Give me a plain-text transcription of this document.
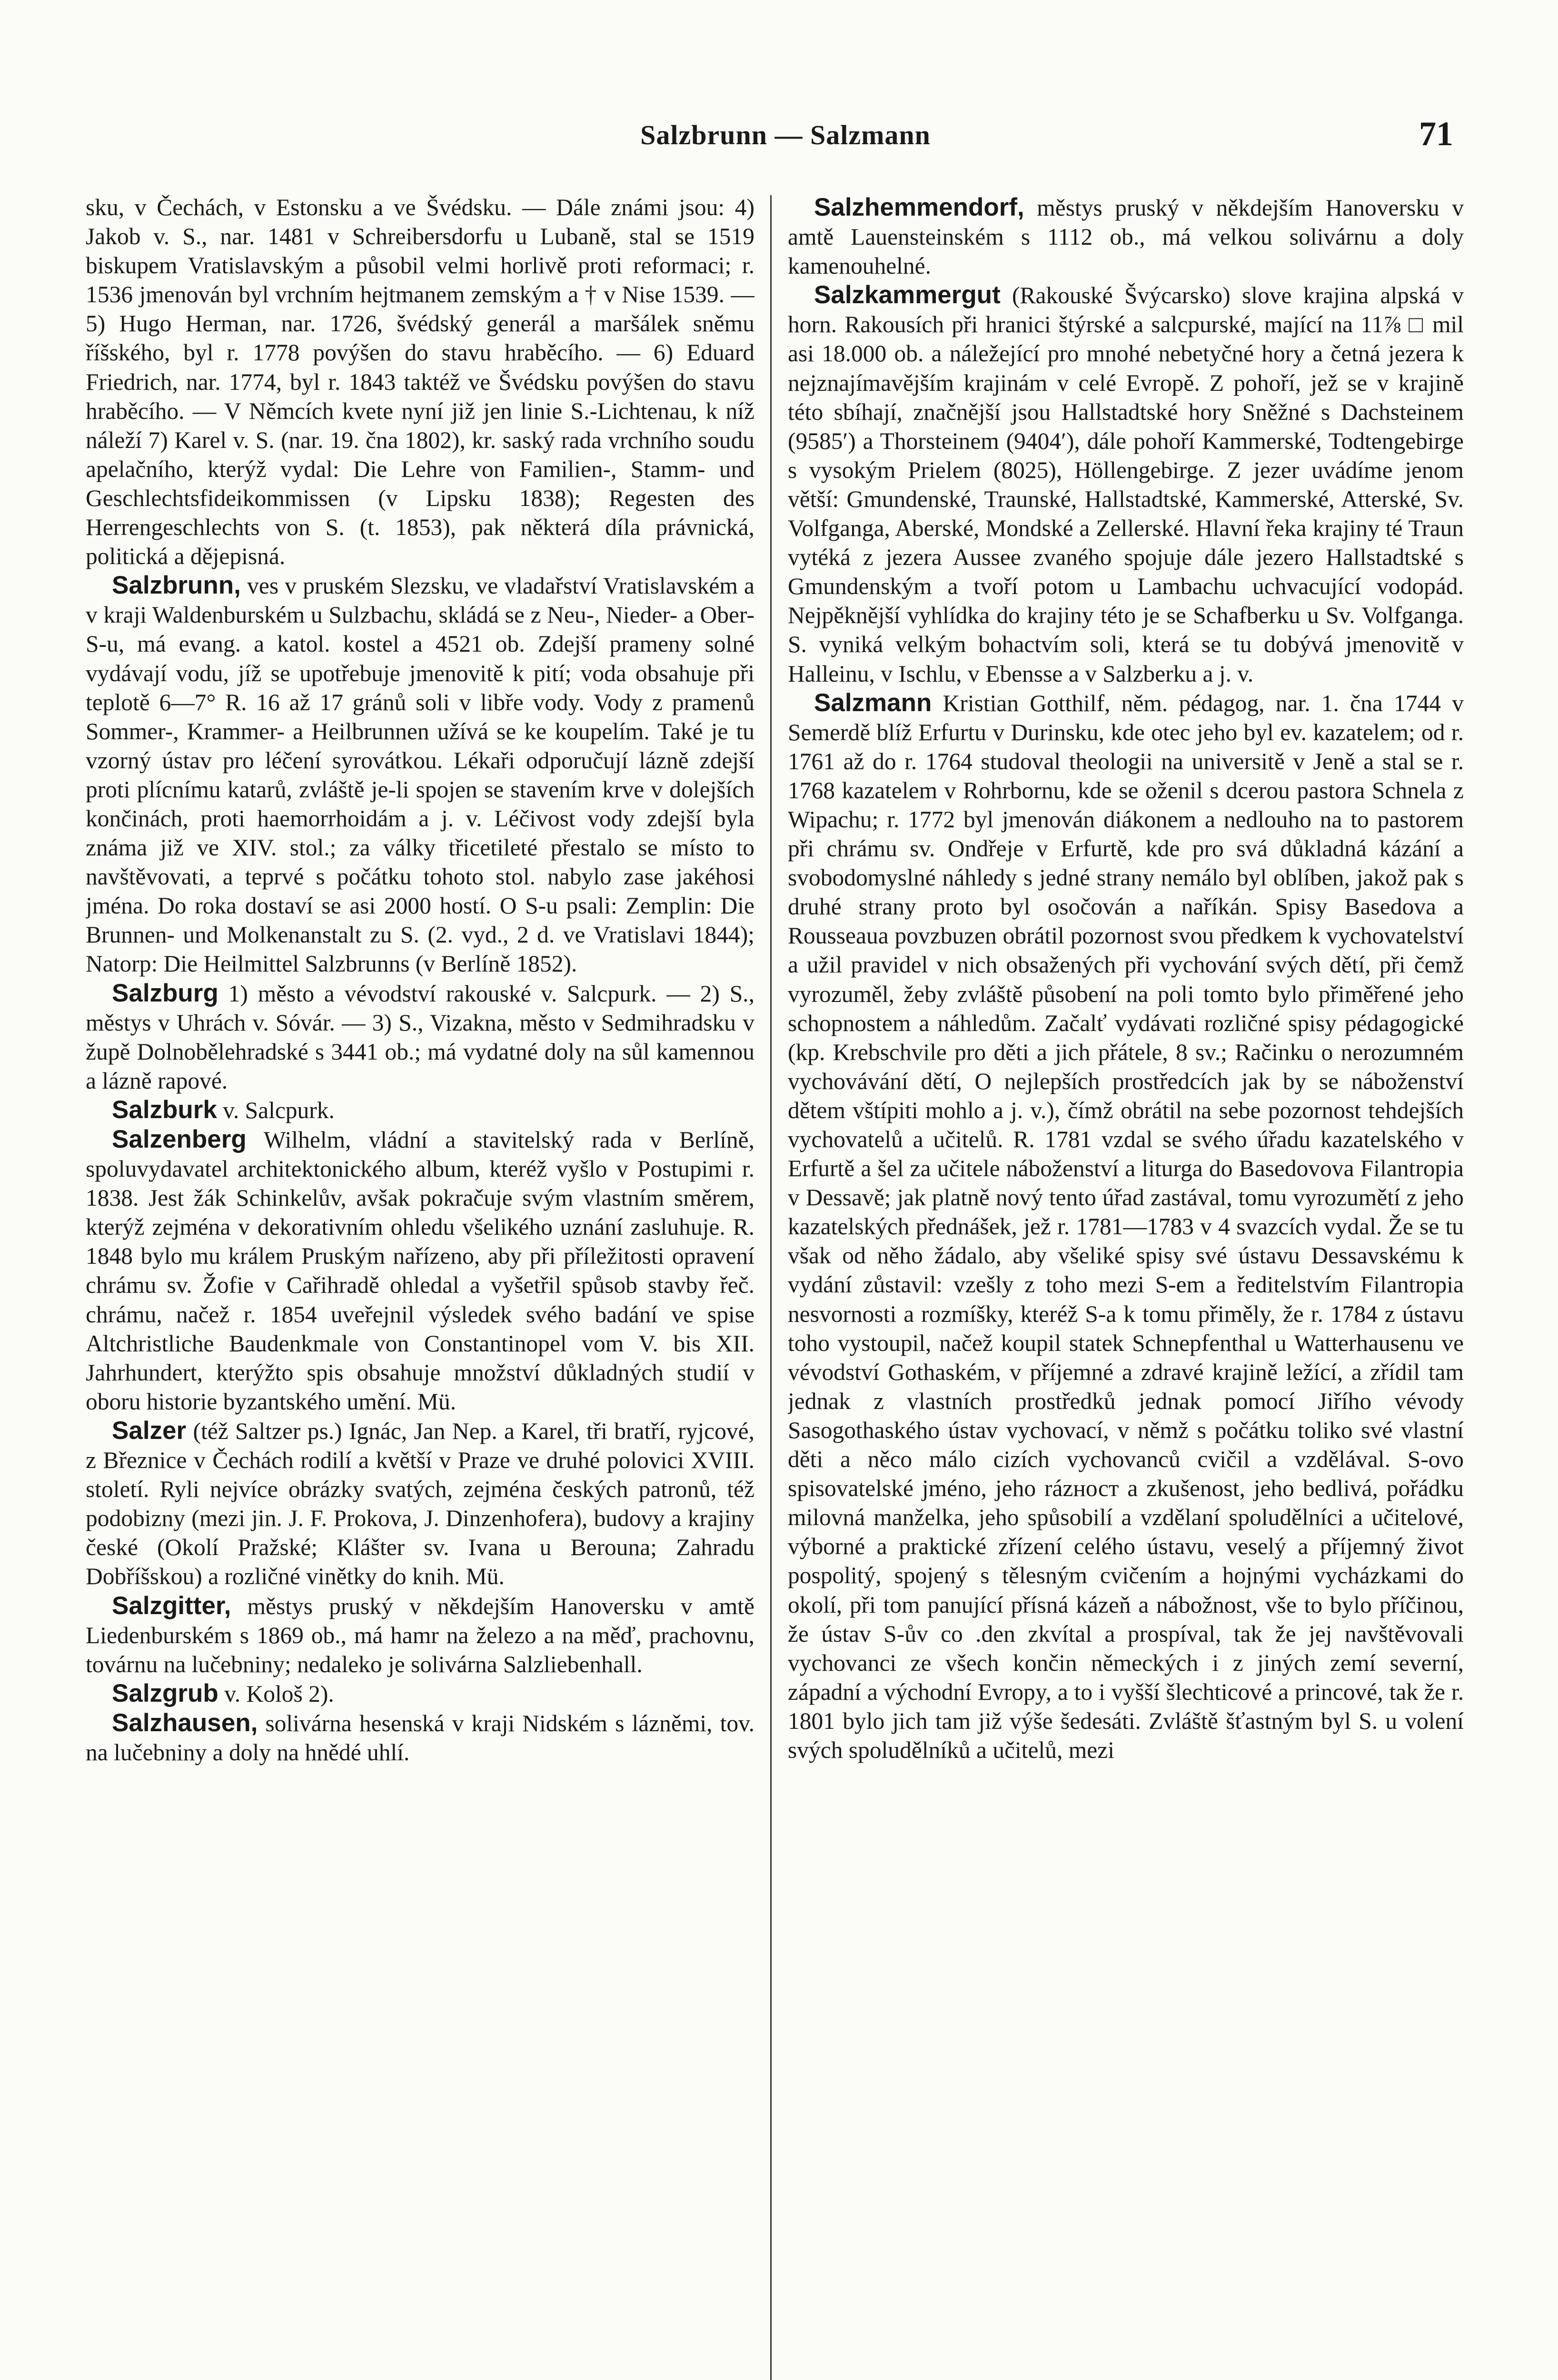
Salzbrunn — Salzmann	71

sku, v Čechách, v Estonsku a ve Švédsku. — Dále známi jsou: 4) Jakob v. S., nar. 1481 v Schreibersdorfu u Lubaně, stal se 1519 biskupem Vratislavským a působil velmi horlivě proti reformaci; r. 1536 jmenován byl vrchním hejtmanem zemským a † v Nise 1539. — 5) Hugo Herman, nar. 1726, švédský generál a maršálek sněmu říšského, byl r. 1778 povýšen do stavu hraběcího. — 6) Eduard Friedrich, nar. 1774, byl r. 1843 taktéž ve Švédsku povýšen do stavu hraběcího. — V Němcích kvete nyní již jen linie S.-Lichtenau, k níž náleží 7) Karel v. S. (nar. 19. čna 1802), kr. saský rada vrchního soudu apelačního, kterýž vydal: Die Lehre von Familien-, Stamm- und Geschlechtsfideikommissen (v Lipsku 1838); Regesten des Herrengeschlechts von S. (t. 1853), pak některá díla právnická, politická a dějepisná.

Salzbrunn, ves v pruském Slezsku, ve vladařství Vratislavském a v kraji Waldenburském u Sulzbachu, skládá se z Neu-, Nieder- a Ober-S-u, má evang. a katol. kostel a 4521 ob. Zdejší prameny solné vydávají vodu, jíž se upotřebuje jmenovitě k pití; voda obsahuje při teplotě 6—7° R. 16 až 17 gránů soli v libře vody. Vody z pramenů Sommer-, Krammer- a Heilbrunnen užívá se ke koupelím. Také je tu vzorný ústav pro léčení syrovátkou. Lékaři odporučují lázně zdejší proti plícnímu katarů, zvláště je-li spojen se stavením krve v dolejších končinách, proti haemorrhoidám a j. v. Léčivost vody zdejší byla známa již ve XIV. stol.; za války třicetileté přestalo se místo to navštěvovati, a teprvé s počátku tohoto stol. nabylo zase jakéhosi jména. Do roka dostaví se asi 2000 hostí. O S-u psali: Zemplin: Die Brunnen- und Molkenanstalt zu S. (2. vyd., 2 d. ve Vratislavi 1844); Natorp: Die Heilmittel Salzbrunns (v Berlíně 1852).

Salzburg 1) město a vévodství rakouské v. Salcpurk. — 2) S., městys v Uhrách v. Sóvár. — 3) S., Vizakna, město v Sedmihradsku v župě Dolnobělehradské s 3441 ob.; má vydatné doly na sůl kamennou a lázně rapové.

Salzburk v. Salcpurk.

Salzenberg Wilhelm, vládní a stavitelský rada v Berlíně, spoluvydavatel architektonického album, kteréž vyšlo v Postupimi r. 1838. Jest žák Schinkelův, avšak pokračuje svým vlastním směrem, kterýž zejména v dekorativním ohledu všelikého uznání zasluhuje. R. 1848 bylo mu králem Pruským nařízeno, aby při příležitosti opravení chrámu sv. Žofie v Cařihradě ohledal a vyšetřil spůsob stavby řeč. chrámu, načež r. 1854 uveřejnil výsledek svého badání ve spise Altchristliche Baudenkmale von Constantinopel vom V. bis XII. Jahrhundert, kterýžto spis obsahuje množství důkladných studií v oboru historie byzantského umění. Mü.

Salzer (též Saltzer ps.) Ignác, Jan Nep. a Karel, tři bratří, ryjcové, z Březnice v Čechách rodilí a květší v Praze ve druhé polovici XVIII. století. Ryli nejvíce obrázky svatých, zejména českých patronů, též podobizny (mezi jin. J. F. Prokova, J. Dinzenhofera), budovy a krajiny české (Okolí Pražské; Klášter sv. Ivana u Berouna; Zahradu Dobříšskou) a rozličné vinětky do knih. Mü.

Salzgitter, městys pruský v někdejším Hanoversku v amtě Liedenburském s 1869 ob., má hamr na železo a na měď, prachovnu, továrnu na lučebniny; nedaleko je solivárna Salzliebenhall.

Salzgrub v. Kološ 2).

Salzhausen, solivárna hesenská v kraji Nidském s lázněmi, tov. na lučebniny a doly na hnědé uhlí.

Salzhemmendorf, městys pruský v někdejším Hanoversku v amtě Lauensteinském s 1112 ob., má velkou solivárnu a doly kamenouhelné.

Salzkammergut (Rakouské Švýcarsko) slove krajina alpská v horn. Rakousích při hranici štýrské a salcpurské, mající na 11⅞ □ mil asi 18.000 ob. a náležející pro mnohé nebetyčné hory a četná jezera k nejznajímavějším krajinám v celé Evropě. Z pohoří, jež se v krajině této sbíhají, značnější jsou Hallstadtské hory Sněžné s Dachsteinem (9585′) a Thorsteinem (9404′), dále pohoří Kammerské, Todtengebirge s vysokým Prielem (8025), Höllengebirge. Z jezer uvádíme jenom větší: Gmundenské, Traunské, Hallstadtské, Kammerské, Atterské, Sv. Volfganga, Aberské, Mondské a Zellerské. Hlavní řeka krajiny té Traun vytéká z jezera Aussee zvaného spojuje dále jezero Hallstadtské s Gmundenským a tvoří potom u Lambachu uchvacující vodopád. Nejpěknější vyhlídka do krajiny této je se Schafberku u Sv. Volfganga. S. vyniká velkým bohactvím soli, která se tu dobývá jmenovitě v Halleinu, v Ischlu, v Ebensse a v Salzberku a j. v.

Salzmann Kristian Gotthilf, něm. pédagog, nar. 1. čna 1744 v Semerdě blíž Erfurtu v Durinsku, kde otec jeho byl ev. kazatelem; od r. 1761 až do r. 1764 studoval theologii na universitě v Jeně a stal se r. 1768 kazatelem v Rohrbornu, kde se oženil s dcerou pastora Schnela z Wipachu; r. 1772 byl jmenován diákonem a nedlouho na to pastorem při chrámu sv. Ondřeje v Erfurtě, kde pro svá důkladná kázání a svobodomyslné náhledy s jedné strany nemálo byl oblíben, jakož pak s druhé strany proto byl osočován a naříkán. Spisy Basedova a Rousseaua povzbuzen obrátil pozornost svou předkem k vychovatelství a užil pravidel v nich obsažených při vychování svých dětí, při čemž vyrozuměl, žeby zvláště působení na poli tomto bylo přiměřené jeho schopnostem a náhledům. Začalť vydávati rozličné spisy pédagogické (kp. Krebschvile pro děti a jich přátele, 8 sv.; Račinku o nerozumném vychovávání dětí, O nejlepších prostředcích jak by se náboženství dětem vštípiti mohlo a j. v.), čímž obrátil na sebe pozornost tehdejších vychovatelů a učitelů. R. 1781 vzdal se svého úřadu kazatelského v Erfurtě a šel za učitele náboženství a liturga do Basedovova Filantropia v Dessavě; jak platně nový tento úřad zastával, tomu vyrozumětí z jeho kazatelských přednášek, jež r. 1781—1783 v 4 svazcích vydal. Že se tu však od něho žádalo, aby všeliké spisy své ústavu Dessavskému k vydání zůstavil: vzešly z toho mezi S-em a ředitelstvím Filantropia nesvornosti a rozmíšky, kteréž S-a k tomu přiměly, že r. 1784 z ústavu toho vystoupil, načež koupil statek Schnepfenthal u Watterhausenu ve vévodství Gothaském, v příjemné a zdravé krajině ležící, a zřídil tam jednak z vlastních prostředků jednak pomocí Jiřího vévody Sasogothaského ústav vychovací, v němž s počátku toliko své vlastní děti a něco málo cizích vychovanců cvičil a vzdělával. S-ovo spisovatelské jméno, jeho rázност a zkušenost, jeho bedlivá, pořádku milovná manželka, jeho spůsobilí a vzdělaní spoludělníci a učitelové, výborné a praktické zřízení celého ústavu, veselý a příjemný život pospolitý, spojený s tělesným cvičením a hojnými vycházkami do okolí, při tom panující přísná kázeň a nábožnost, vše to bylo příčinou, že ústav S-ův co .den zkvítal a prospíval, tak že jej navštěvovali vychovanci ze všech končin německých i z jiných zemí severní, západní a východní Evropy, a to i vyšší šlechticové a princové, tak že r. 1801 bylo jich tam již výše šedesáti. Zvláště šťastným byl S. u volení svých spoludělníků a učitelů, mezi
